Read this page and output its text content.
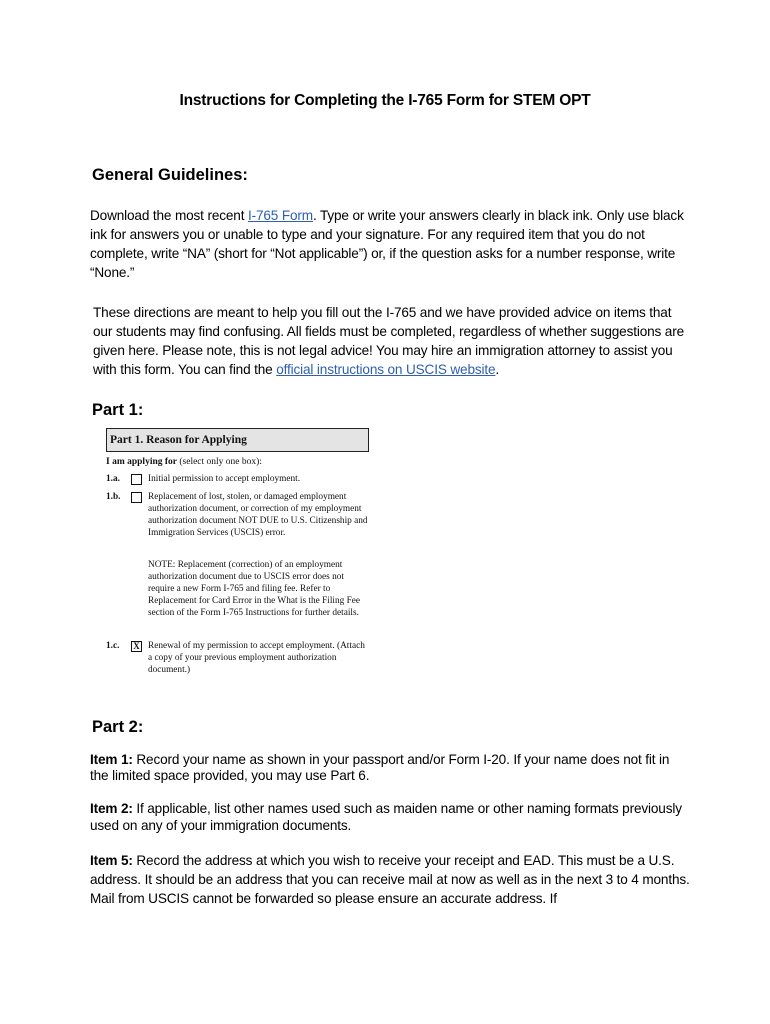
Instructions for Completing the I-765 Form for STEM OPT
General Guidelines:
Download the most recent I-765 Form. Type or write your answers clearly in black ink. Only use black ink for answers you or unable to type and your signature. For any required item that you do not complete, write “NA” (short for “Not applicable”) or, if the question asks for a number response, write “None.”
These directions are meant to help you fill out the I-765 and we have provided advice on items that our students may find confusing. All fields must be completed, regardless of whether suggestions are given here. Please note, this is not legal advice! You may hire an immigration attorney to assist you with this form. You can find the official instructions on USCIS website.
Part 1:
Part 1. Reason for Applying
I am applying for (select only one box):
1.a.	Initial permission to accept employment.
1.b.	Replacement of lost, stolen, or damaged employment authorization document, or correction of my employment authorization document NOT DUE to U.S. Citizenship and Immigration Services (USCIS) error.
NOTE: Replacement (correction) of an employment authorization document due to USCIS error does not require a new Form I-765 and filing fee. Refer to Replacement for Card Error in the What is the Filing Fee section of the Form I-765 Instructions for further details.
1.c. X Renewal of my permission to accept employment. (Attach a copy of your previous employment authorization document.)
Part 2:
Item 1: Record your name as shown in your passport and/or Form I-20. If your name does not fit in the limited space provided, you may use Part 6.
Item 2: If applicable, list other names used such as maiden name or other naming formats previously used on any of your immigration documents.
Item 5: Record the address at which you wish to receive your receipt and EAD. This must be a U.S. address. It should be an address that you can receive mail at now as well as in the next 3 to 4 months. Mail from USCIS cannot be forwarded so please ensure an accurate address. If
